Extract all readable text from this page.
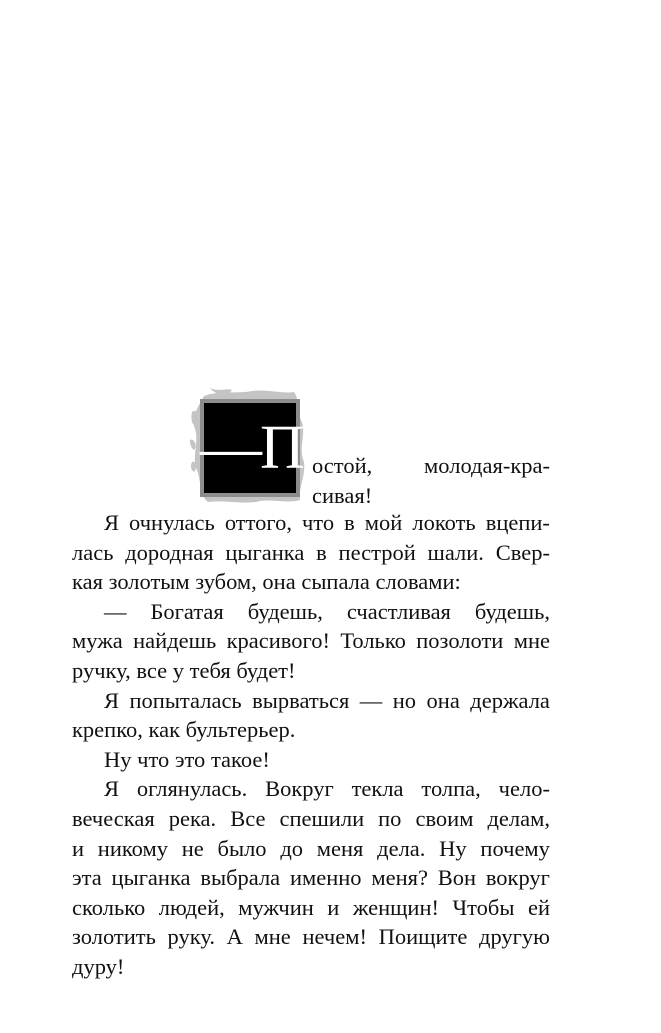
—П остой, молодая-кра-
сивая!
Я очнулась оттого, что в мой локоть вцепи-
лась дородная цыганка в пестрой шали. Свер-
кая золотым зубом, она сыпала словами:
— Богатая будешь, счастливая будешь,
мужа найдешь красивого! Только позолоти мне
ручку, все у тебя будет!
Я попыталась вырваться — но она держала
крепко, как бультерьер.
Ну что это такое!
Я оглянулась. Вокруг текла толпа, чело-
веческая река. Все спешили по своим делам,
и никому не было до меня дела. Ну почему
эта цыганка выбрала именно меня? Вон вокруг
сколько людей, мужчин и женщин! Чтобы ей
золотить руку. А мне нечем! Поищите другую
дуру!
